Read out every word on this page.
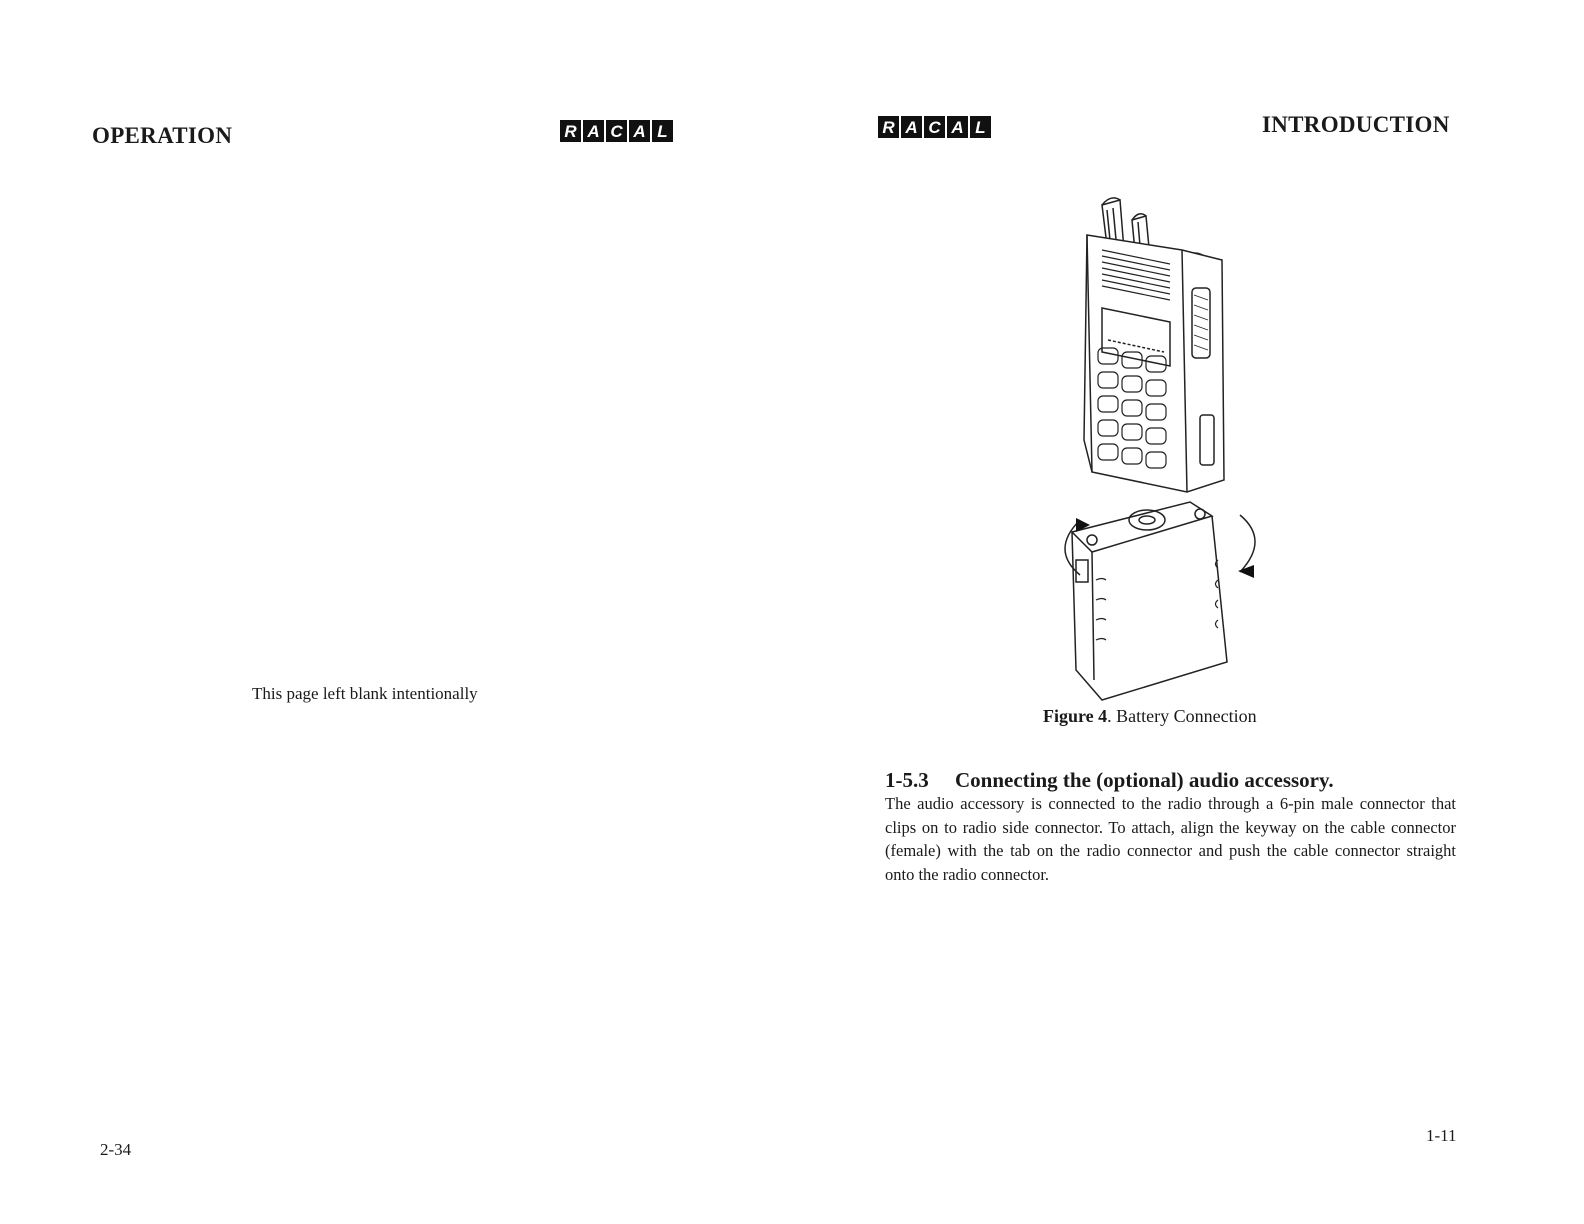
OPERATION	R A C A L
This page left blank intentionally
2-34
R A C A L	INTRODUCTION
Figure 4. Battery Connection
1-5.3 Connecting the (optional) audio accessory.
The audio accessory is connected to the radio through a 6-pin male connector that clips on to radio side connector. To attach, align the keyway on the cable connector (female) with the tab on the radio connector and push the cable connector straight onto the radio connector.
1-11
